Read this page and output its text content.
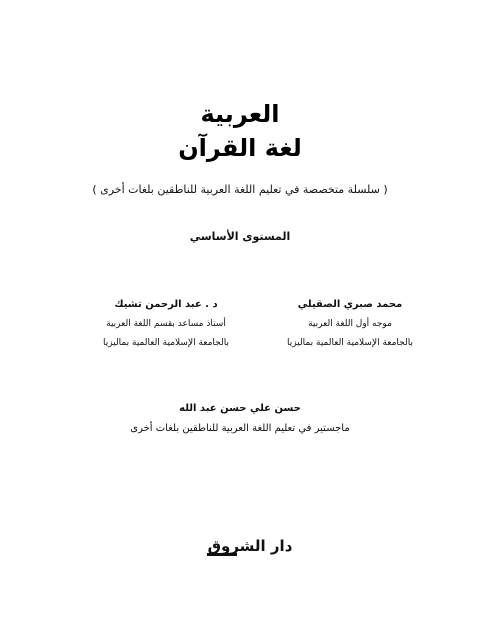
العربية
لغة القرآن
( سلسلة متخصصة في تعليم اللغة العربية للناطقين بلغات أخرى )
المستوى الأساسي
محمد صبري الصقيلي
موجه أول اللغة العربية
بالجامعة الإسلامية العالمية بماليزيا
د . عبد الرحمن تشيك
أستاذ مساعد بقسم اللغة العربية
بالجامعة الإسلامية العالمية بماليزيا
حسن علي حسن عبد الله
ماجستير في تعليم اللغة العربية للناطقين بلغات أخرى
دار الشروق
